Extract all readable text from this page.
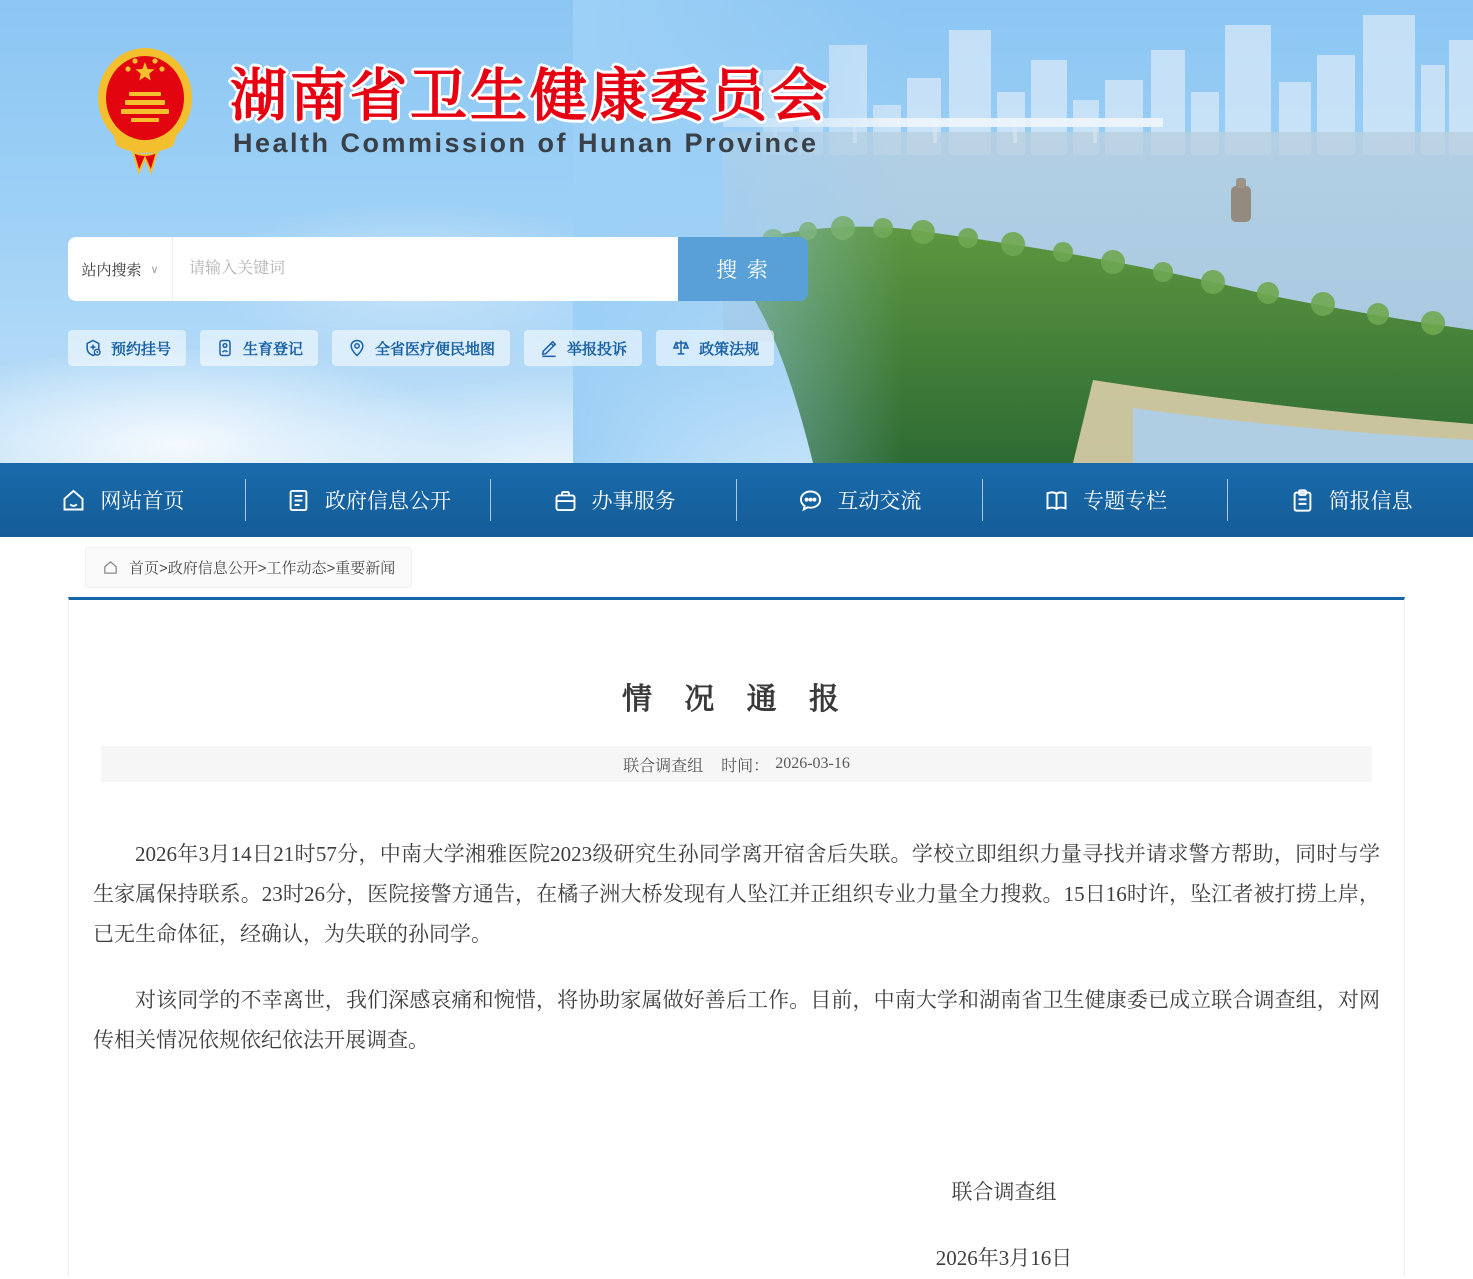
湖南省卫生健康委员会
Health Commission of Hunan Province
站内搜索 ∨
请输入关键词	搜 索
预约挂号	生育登记	全省医疗便民地图	举报投诉	政策法规
网站首页	政府信息公开	办事服务	互动交流	专题专栏	简报信息
首页>政府信息公开>工作动态>重要新闻
情 况 通 报
联合调查组 时间： 2026-03-16

2026年3月14日21时57分，中南大学湘雅医院2023级研究生孙同学离开宿舍后失联。学校立即组织力量寻找并请求警方帮助，同时与学生家属保持联系。23时26分，医院接警方通告，在橘子洲大桥发现有人坠江并正组织专业力量全力搜救。15日16时许，坠江者被打捞上岸，已无生命体征，经确认，为失联的孙同学。

对该同学的不幸离世，我们深感哀痛和惋惜，将协助家属做好善后工作。目前，中南大学和湖南省卫生健康委已成立联合调查组，对网传相关情况依规依纪依法开展调查。

联合调查组
2026年3月16日
